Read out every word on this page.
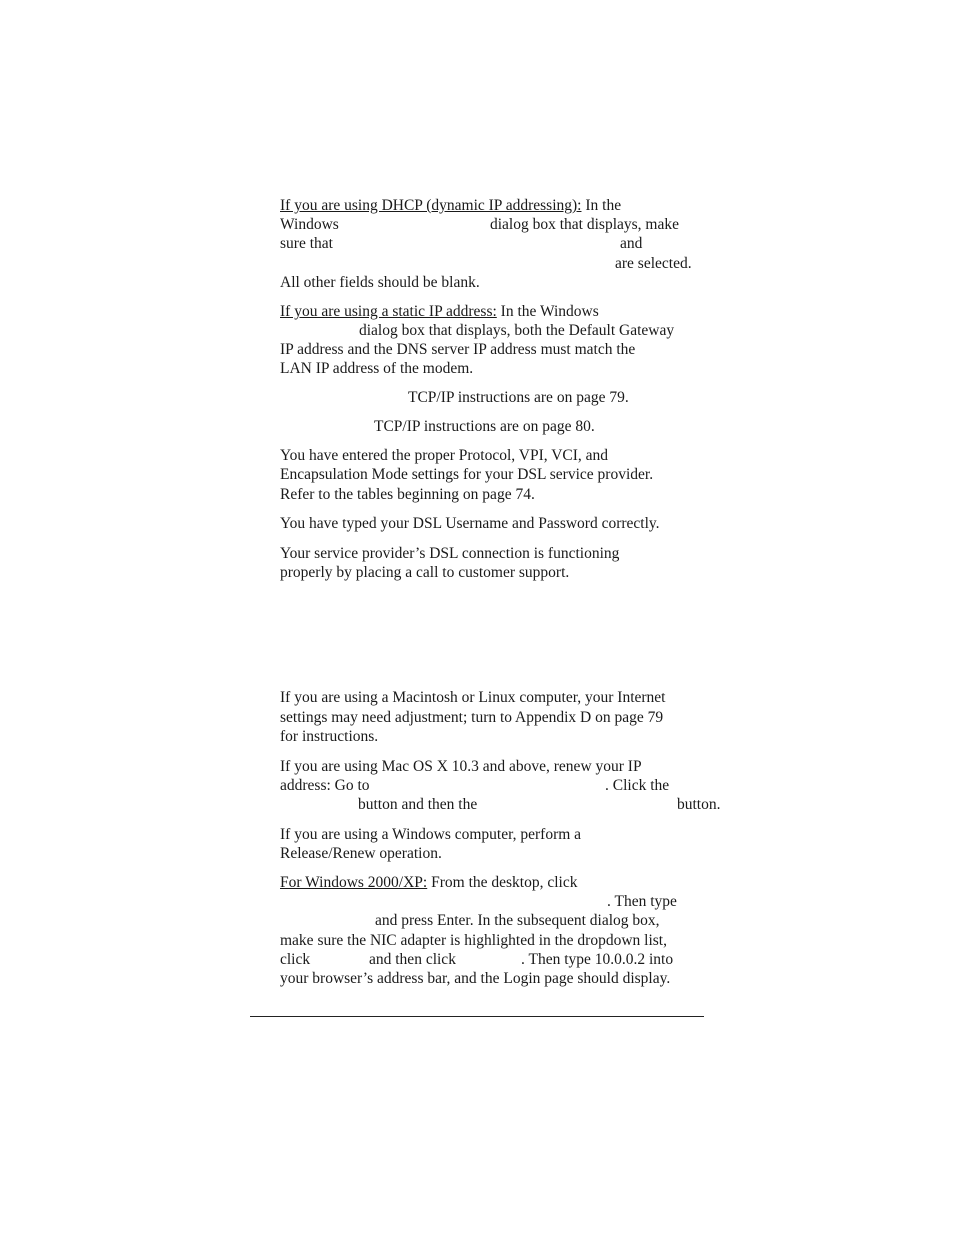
If you are using DHCP (dynamic IP addressing): In the
Windows	dialog box that displays, make
sure that	and
are selected.
All other fields should be blank.
If you are using a static IP address: In the Windows
dialog box that displays, both the Default Gateway
IP address and the DNS server IP address must match the
LAN IP address of the modem.
TCP/IP instructions are on page 79.
TCP/IP instructions are on page 80.
You have entered the proper Protocol, VPI, VCI, and
Encapsulation Mode settings for your DSL service provider.
Refer to the tables beginning on page 74.
You have typed your DSL Username and Password correctly.
Your service provider’s DSL connection is functioning
properly by placing a call to customer support.
If you are using a Macintosh or Linux computer, your Internet
settings may need adjustment; turn to Appendix D on page 79
for instructions.
If you are using Mac OS X 10.3 and above, renew your IP
address: Go to	. Click the
button and then the	button.
If you are using a Windows computer, perform a
Release/Renew operation.
For Windows 2000/XP: From the desktop, click
. Then type
and press Enter. In the subsequent dialog box,
make sure the NIC adapter is highlighted in the dropdown list,
click	and then click	. Then type 10.0.0.2 into
your browser’s address bar, and the Login page should display.
